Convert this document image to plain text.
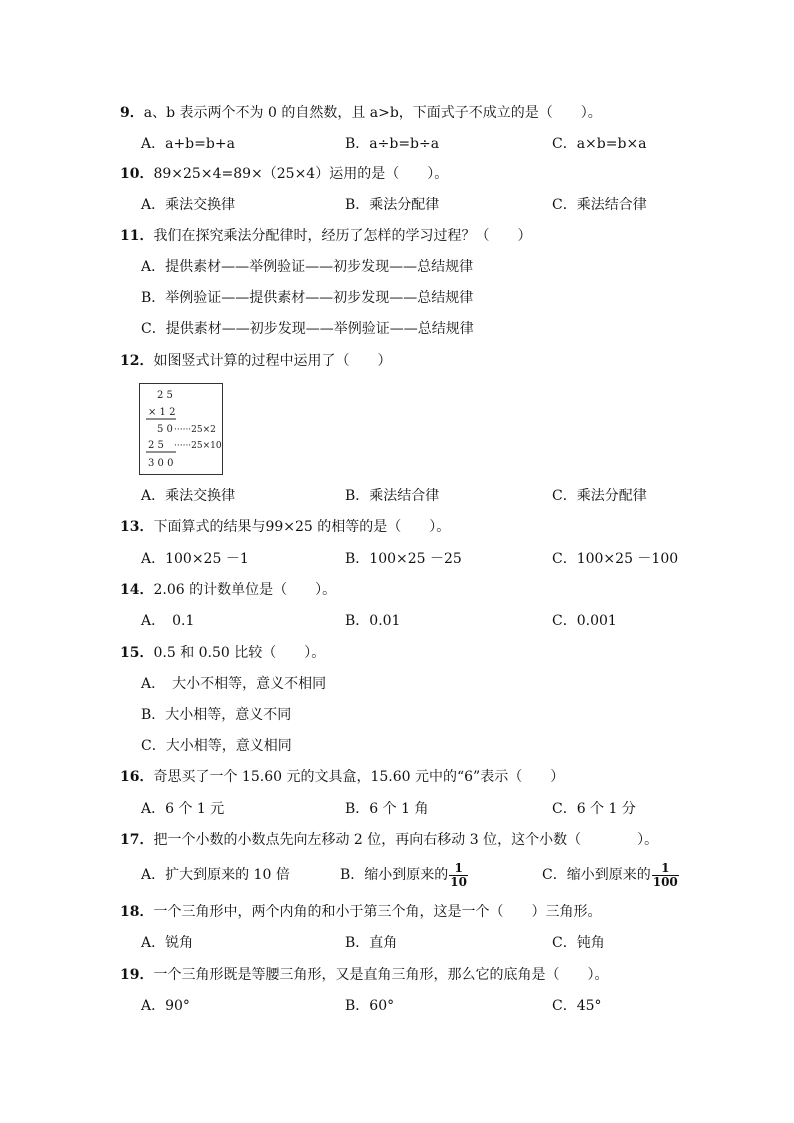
9．a、b 表示两个不为 0 的自然数，且 a>b，下面式子不成立的是（　　）。
A．a+b=b+a	B．a÷b=b÷a	C．a×b=b×a
10．89×25×4=89×（25×4）运用的是（　　）。
A．乘法交换律	B．乘法分配律	C．乘法结合律
11．我们在探究乘法分配律时，经历了怎样的学习过程？（　　）
A．提供素材——举例验证——初步发现——总结规律
B．举例验证——提供素材——初步发现——总结规律
C．提供素材——初步发现——举例验证——总结规律
12．如图竖式计算的过程中运用了（　　）
2 5
× 1 2
5 0 ······25×2
2 5 ······25×10
3 0 0
A．乘法交换律	B．乘法结合律	C．乘法分配律
13．下面算式的结果与99×25 的相等的是（　　）。
A．100×25 －1	B．100×25 －25	C．100×25 －100
14．2.06 的计数单位是（　　）。
A．　0.1	B．0.01	C．0.001
15．0.5 和 0.50 比较（　　）。
A．　大小不相等，意义不相同
B．大小相等，意义不同
C．大小相等，意义相同
16．奇思买了一个 15.60 元的文具盒，15.60 元中的“6”表示（　　）
A．6 个 1 元	B．6 个 1 角	C．6 个 1 分
17．把一个小数的小数点先向左移动 2 位，再向右移动 3 位，这个小数（　　　　）。
A．扩大到原来的 10 倍	B．缩小到原来的 $\frac{1}{10}$	C．缩小到原来的 $\frac{1}{100}$
18．一个三角形中，两个内角的和小于第三个角，这是一个（　　）三角形。
A．锐角	B．直角	C．钝角
19．一个三角形既是等腰三角形，又是直角三角形，那么它的底角是（　　）。
A．90°	B．60°	C．45°
